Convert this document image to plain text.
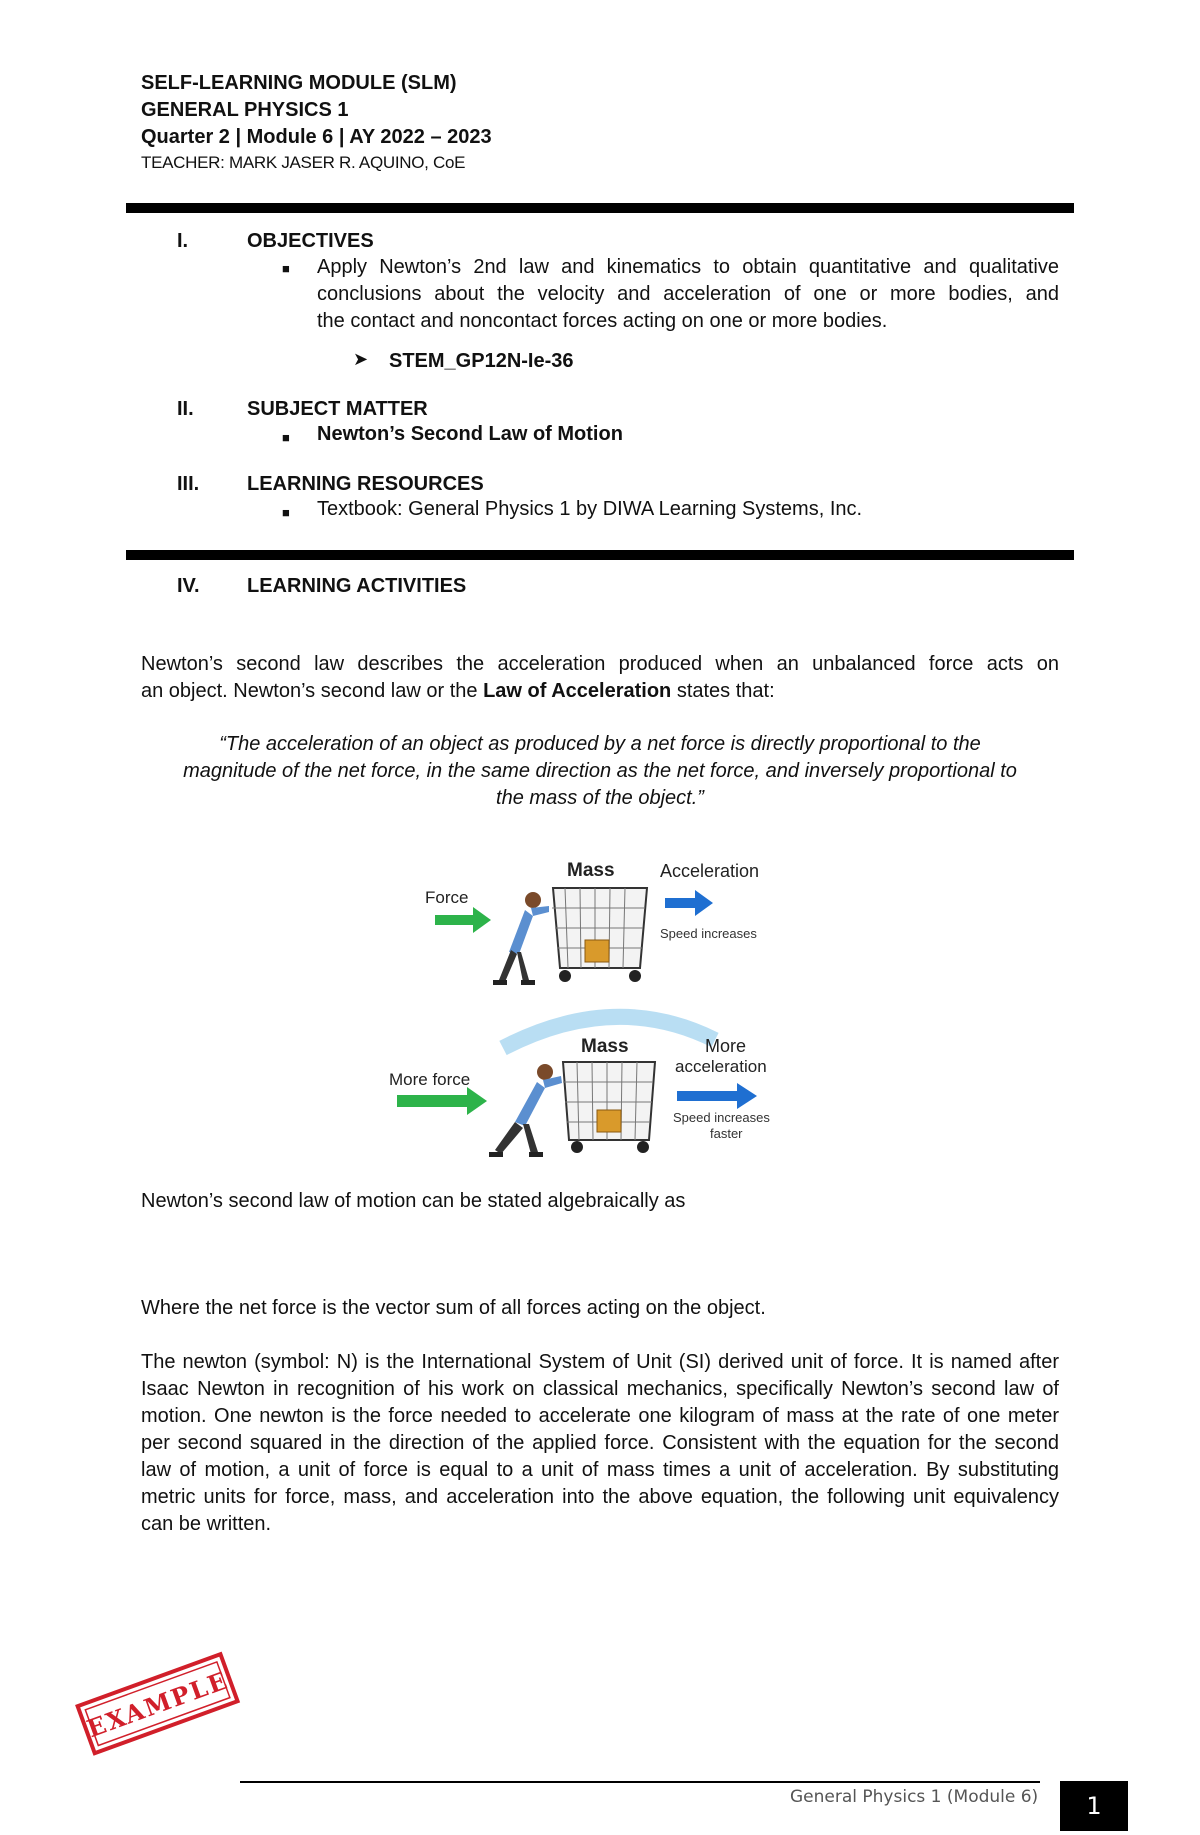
SELF-LEARNING MODULE (SLM)
GENERAL PHYSICS 1
Quarter 2 | Module 6 | AY 2022 – 2023
TEACHER: MARK JASER R. AQUINO, CoE
I.	OBJECTIVES
■ Apply Newton’s 2nd law and kinematics to obtain quantitative and qualitative
conclusions about the velocity and acceleration of one or more bodies, and
the contact and noncontact forces acting on one or more bodies.
➤ STEM_GP12N-Ie-36
II.	SUBJECT MATTER
■ Newton’s Second Law of Motion
III. LEARNING RESOURCES
■ Textbook: General Physics 1 by DIWA Learning Systems, Inc.
IV. LEARNING ACTIVITIES
Newton’s second law describes the acceleration produced when an unbalanced force acts on
an object. Newton’s second law or the Law of Acceleration states that:
“The acceleration of an object as produced by a net force is directly proportional to the
magnitude of the net force, in the same direction as the net force, and inversely proportional to
the mass of the object.”
Force
Mass	Acceleration
Speed increases
More force
Mass	More
acceleration
Speed increases
faster
Newton’s second law of motion can be stated algebraically as
Where the net force is the vector sum of all forces acting on the object.
The newton (symbol: N) is the International System of Unit (SI) derived unit of force. It is named after Isaac Newton in recognition of his work on classical mechanics, specifically Newton’s second law of motion. One newton is the force needed to accelerate one kilogram of mass at the rate of one meter per second squared in the direction of the applied force. Consistent with the equation for the second law of motion, a unit of force is equal to a unit of mass times a unit of acceleration. By substituting metric units for force, mass, and acceleration into the above equation, the following unit equivalency can be written.
EXAMPLE
General Physics 1 (Module 6)	1
